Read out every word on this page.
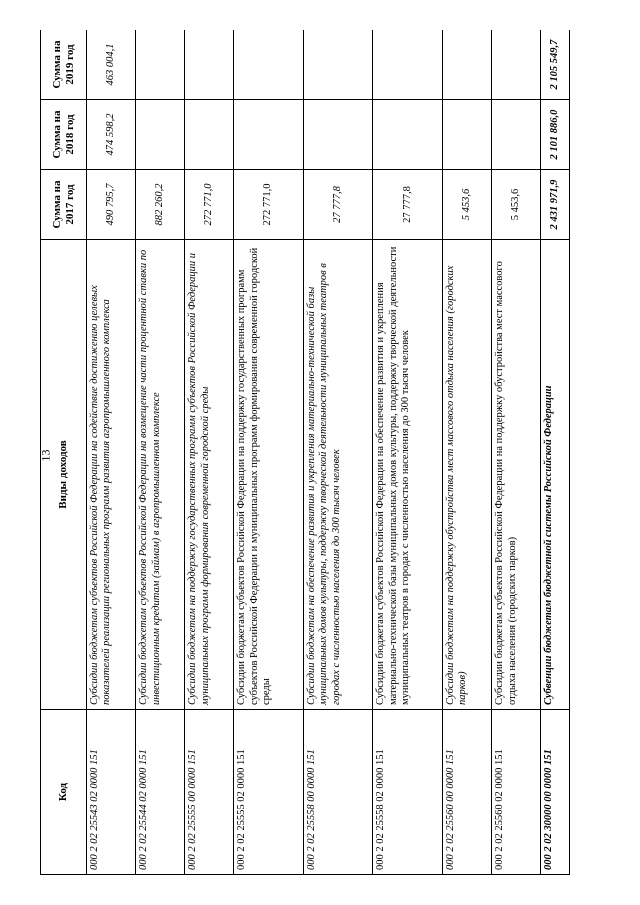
13
Код	Виды доходов	Сумма на 2017 год	Сумма на 2018 год	Сумма на 2019 год
000 2 02 25543 02 0000 151	Субсидии бюджетам субъектов Российской Федерации на содействие достижению целевых показателей реализации региональных программ развития агропромышленного комплекса	490 795,7	474 598,2	463 004,1
000 2 02 25544 02 0000 151	Субсидии бюджетам субъектов Российской Федерации на возмещение части процентной ставки по инвестиционным кредитам (займам) в агропромышленном комплексе	882 260,2		
000 2 02 25555 00 0000 151	Субсидии бюджетам на поддержку государственных программ субъектов Российской Федерации и муниципальных программ формирования современной городской среды	272 771,0		
000 2 02 25555 02 0000 151	Субсидии бюджетам субъектов Российской Федерации на поддержку государственных программ субъектов Российской Федерации и муниципальных программ формирования современной городской среды	272 771,0		
000 2 02 25558 00 0000 151	Субсидии бюджетам на обеспечение развития и укрепления материально-технической базы муниципальных домов культуры, поддержку творческой деятельности муниципальных театров в городах с численностью населения до 300 тысяч человек	27 777,8		
000 2 02 25558 02 0000 151	Субсидии бюджетам субъектов Российской Федерации на обеспечение развития и укрепления материально-технической базы муниципальных домов культуры, поддержку творческой деятельности муниципальных театров в городах с численностью населения до 300 тысяч человек	27 777,8		
000 2 02 25560 00 0000 151	Субсидии бюджетам на поддержку обустройства мест массового отдыха населения (городских парков)	5 453,6		
000 2 02 25560 02 0000 151	Субсидии бюджетам субъектов Российской Федерации на поддержку обустройства мест массового отдыха населения (городских парков)	5 453,6		
000 2 02 30000 00 0000 151	Субвенции бюджетам бюджетной системы Российской Федерации	2 431 971,9	2 101 886,0	2 105 549,7
